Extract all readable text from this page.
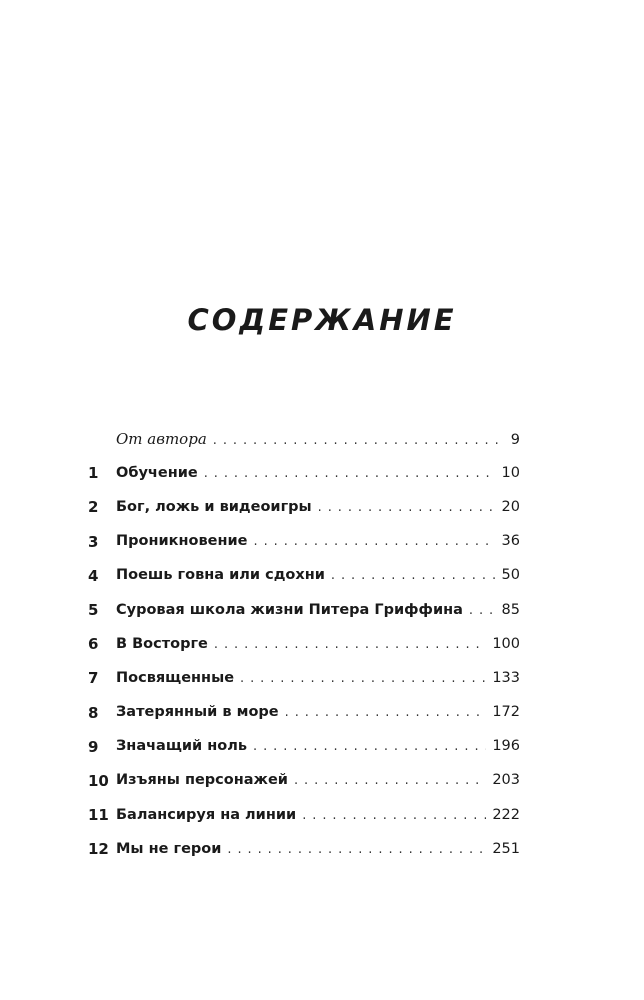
СОДЕРЖАНИЕ
От автора . . .	9
1	Обучение . . .	10
2	Бог, ложь и видеоигры . . .	20
3	Проникновение . . .	36
4	Поешь говна или сдохни . . .	50
5	Суровая школа жизни Питера Гриффина . . .	85
6	В Восторге . . .	100
7	Посвященные . . .	133
8	Затерянный в море . . .	172
9	Значащий ноль . . .	196
10 Изъяны персонажей . . .	203
11 Балансируя на линии . . .	222
12 Мы не герои . . .	251
